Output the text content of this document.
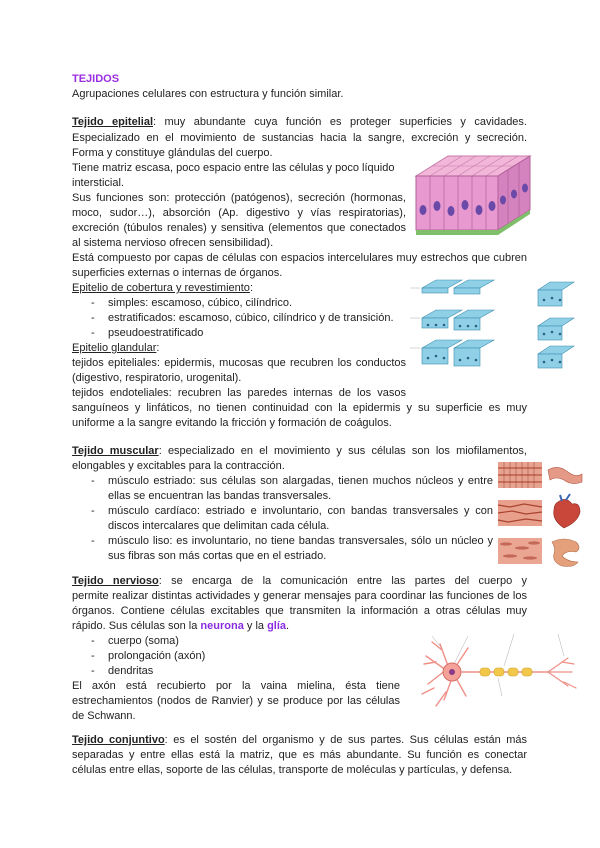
TEJIDOS
Agrupaciones celulares con estructura y función similar.
Tejido epitelial: muy abundante cuya función es proteger superficies y cavidades.
Especializado en el movimiento de sustancias hacia la sangre, excreción y secreción.
Forma y constituye glándulas del cuerpo.
Tiene matriz escasa, poco espacio entre las células y poco líquido
intersticial.
Sus funciones son: protección (patógenos), secreción (hormonas,
moco, sudor…), absorción (Ap. digestivo y vías respiratorias),
excreción (túbulos renales) y sensitiva (elementos que conectados
al sistema nervioso ofrecen sensibilidad).
Está compuesto por capas de células con espacios intercelulares muy estrechos que cubren
superficies externas o internas de órganos.
Epitelio de cobertura y revestimiento:
- simples: escamoso, cúbico, cilíndrico.
- estratificados: escamoso, cúbico, cilíndrico y de transición.
- pseudoestratificado
Epitelio glandular:
tejidos epiteliales: epidermis, mucosas que recubren los conductos
(digestivo, respiratorio, urogenital).
tejidos endoteliales: recubren las paredes internas de los vasos
sanguíneos y linfáticos, no tienen continuidad con la epidermis y su superficie es muy
uniforme a la sangre evitando la fricción y formación de coágulos.
Tejido muscular: especializado en el movimiento y sus células son los miofilamentos,
elongables y excitables para la contracción.
- músculo estriado: sus células son alargadas, tienen muchos núcleos y entre
ellas se encuentran las bandas transversales.
- músculo cardíaco: estriado e involuntario, con bandas transversales y con
discos intercalares que delimitan cada célula.
- músculo liso: es involuntario, no tiene bandas transversales, sólo un núcleo y
sus fibras son más cortas que en el estriado.
Tejido nervioso: se encarga de la comunicación entre las partes del cuerpo y
permite realizar distintas actividades y generar mensajes para coordinar las funciones de los
órganos. Contiene células excitables que transmiten la información a otras células muy
rápido. Sus células son la neurona y la glía.
- cuerpo (soma)
- prolongación (axón)
- dendritas
El axón está recubierto por la vaina mielina, ésta tiene
estrechamientos (nodos de Ranvier) y se produce por las células
de Schwann.
Tejido conjuntivo: es el sostén del organismo y de sus partes. Sus células están más
separadas y entre ellas está la matriz, que es más abundante. Su función es conectar
células entre ellas, soporte de las células, transporte de moléculas y partículas, y defensa.
